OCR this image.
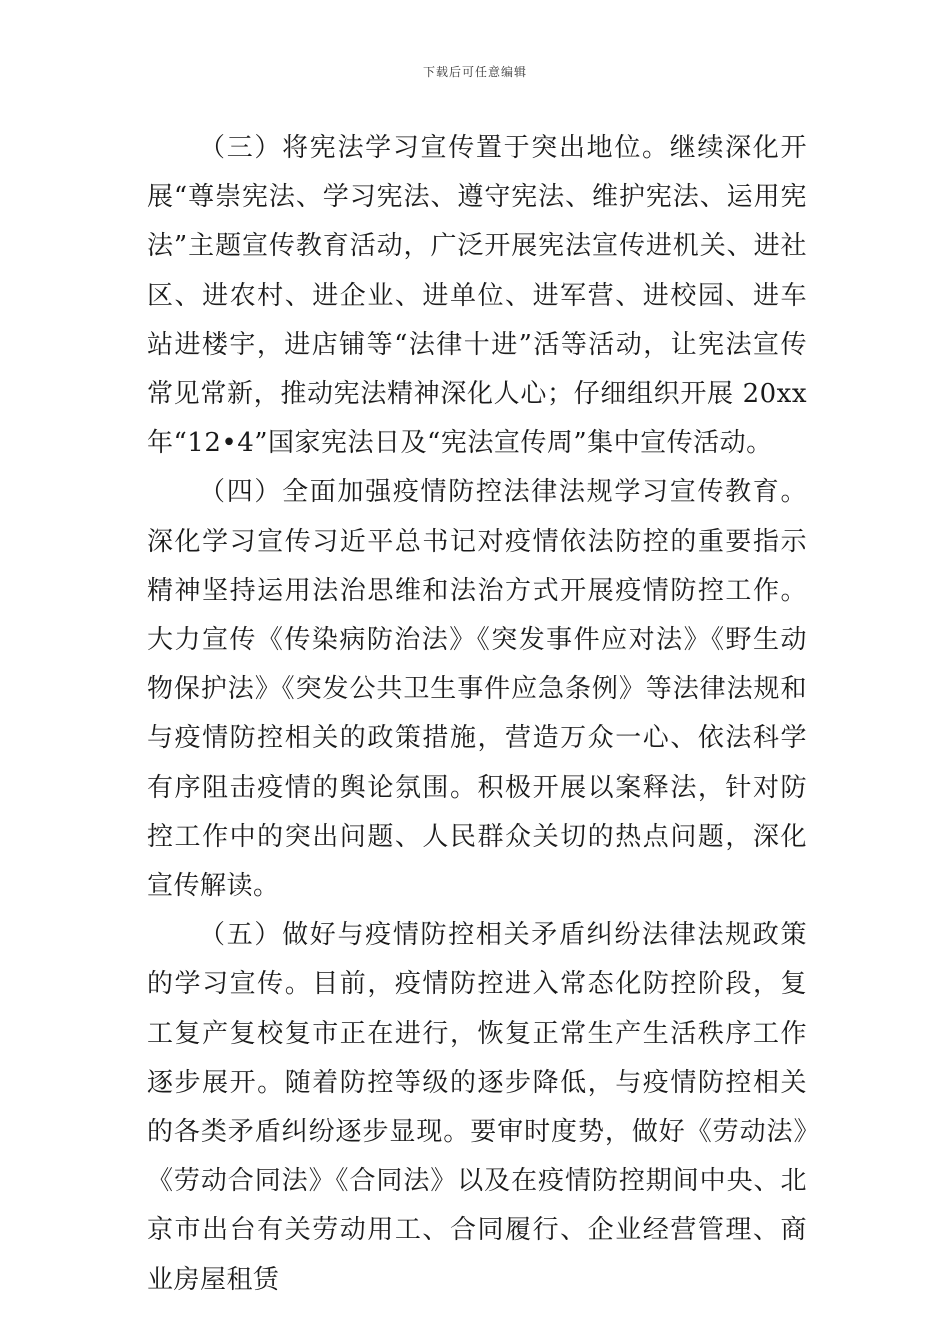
下载后可任意编辑

（三）将宪法学习宣传置于突出地位。继续深化开展“尊崇宪法、学习宪法、遵守宪法、维护宪法、运用宪法”主题宣传教育活动，广泛开展宪法宣传进机关、进社区、进农村、进企业、进单位、进军营、进校园、进车站进楼宇，进店铺等“法律十进”活等活动，让宪法宣传常见常新，推动宪法精神深化人心；仔细组织开展 20xx 年“12•4”国家宪法日及“宪法宣传周”集中宣传活动。

（四）全面加强疫情防控法律法规学习宣传教育。深化学习宣传习近平总书记对疫情依法防控的重要指示精神坚持运用法治思维和法治方式开展疫情防控工作。大力宣传《传染病防治法》《突发事件应对法》《野生动物保护法》《突发公共卫生事件应急条例》等法律法规和与疫情防控相关的政策措施，营造万众一心、依法科学有序阻击疫情的舆论氛围。积极开展以案释法，针对防控工作中的突出问题、人民群众关切的热点问题，深化宣传解读。

（五）做好与疫情防控相关矛盾纠纷法律法规政策的学习宣传。目前，疫情防控进入常态化防控阶段，复工复产复校复市正在进行，恢复正常生产生活秩序工作逐步展开。随着防控等级的逐步降低，与疫情防控相关的各类矛盾纠纷逐步显现。要审时度势，做好《劳动法》《劳动合同法》《合同法》以及在疫情防控期间中央、北京市出台有关劳动用工、合同履行、企业经营管理、商业房屋租赁
